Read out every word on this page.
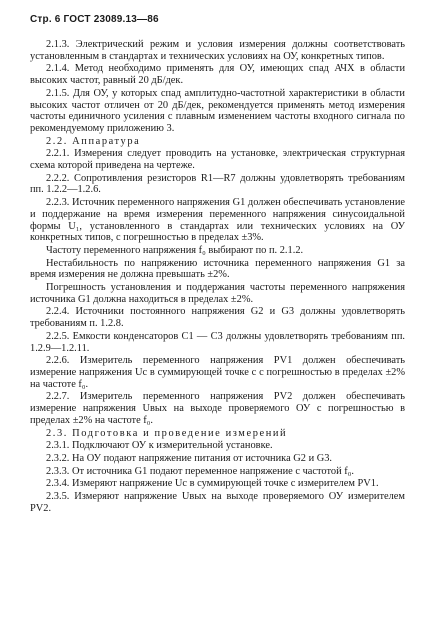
Стр. 6 ГОСТ 23089.13—86

2.1.3. Электрический режим и условия измерения должны соответствовать установленным в стандартах и технических условиях на ОУ, конкретных типов.

2.1.4. Метод необходимо применять для ОУ, имеющих спад АЧХ в области высоких частот, равный 20 дБ/дек.

2.1.5. Для ОУ, у которых спад амплитудно-частотной характеристики в области высоких частот отличен от 20 дБ/дек, рекомендуется применять метод измерения частоты единичного усиления с плавным изменением частоты входного сигнала по рекомендуемому приложению 3.

2.2. Аппаратура

2.2.1. Измерения следует проводить на установке, электрическая структурная схема которой приведена на чертеже.

2.2.2. Сопротивления резисторов R1—R7 должны удовлетворять требованиям пп. 1.2.2—1.2.6.

2.2.3. Источник переменного напряжения G1 должен обеспечивать установление и поддержание на время измерения переменного напряжения синусоидальной формы U₁, установленного в стандартах или технических условиях на ОУ конкретных типов, с погрешностью в пределах ±3%.

Частоту переменного напряжения f₀ выбирают по п. 2.1.2.

Нестабильность по напряжению источника переменного напряжения G1 за время измерения не должна превышать ±2%.

Погрешность установления и поддержания частоты переменного напряжения источника G1 должна находиться в пределах ±2%.

2.2.4. Источники постоянного напряжения G2 и G3 должны удовлетворять требованиям п. 1.2.8.

2.2.5. Емкости конденсаторов C1 — C3 должны удовлетворять требованиям пп. 1.2.9—1.2.11.

2.2.6. Измеритель переменного напряжения PV1 должен обеспечивать измерение напряжения Uс в суммирующей точке с с погрешностью в пределах ±2% на частоте f₀.

2.2.7. Измеритель переменного напряжения PV2 должен обеспечивать измерение напряжения Uвых на выходе проверяемого ОУ с погрешностью в пределах ±2% на частоте f₀.

2.3. Подготовка и проведение измерений

2.3.1. Подключают ОУ к измерительной установке.

2.3.2. На ОУ подают напряжение питания от источника G2 и G3.

2.3.3. От источника G1 подают переменное напряжение с частотой f₀.

2.3.4. Измеряют напряжение Uс в суммирующей точке с измерителем PV1.

2.3.5. Измеряют напряжение Uвых на выходе проверяемого ОУ измерителем PV2.
